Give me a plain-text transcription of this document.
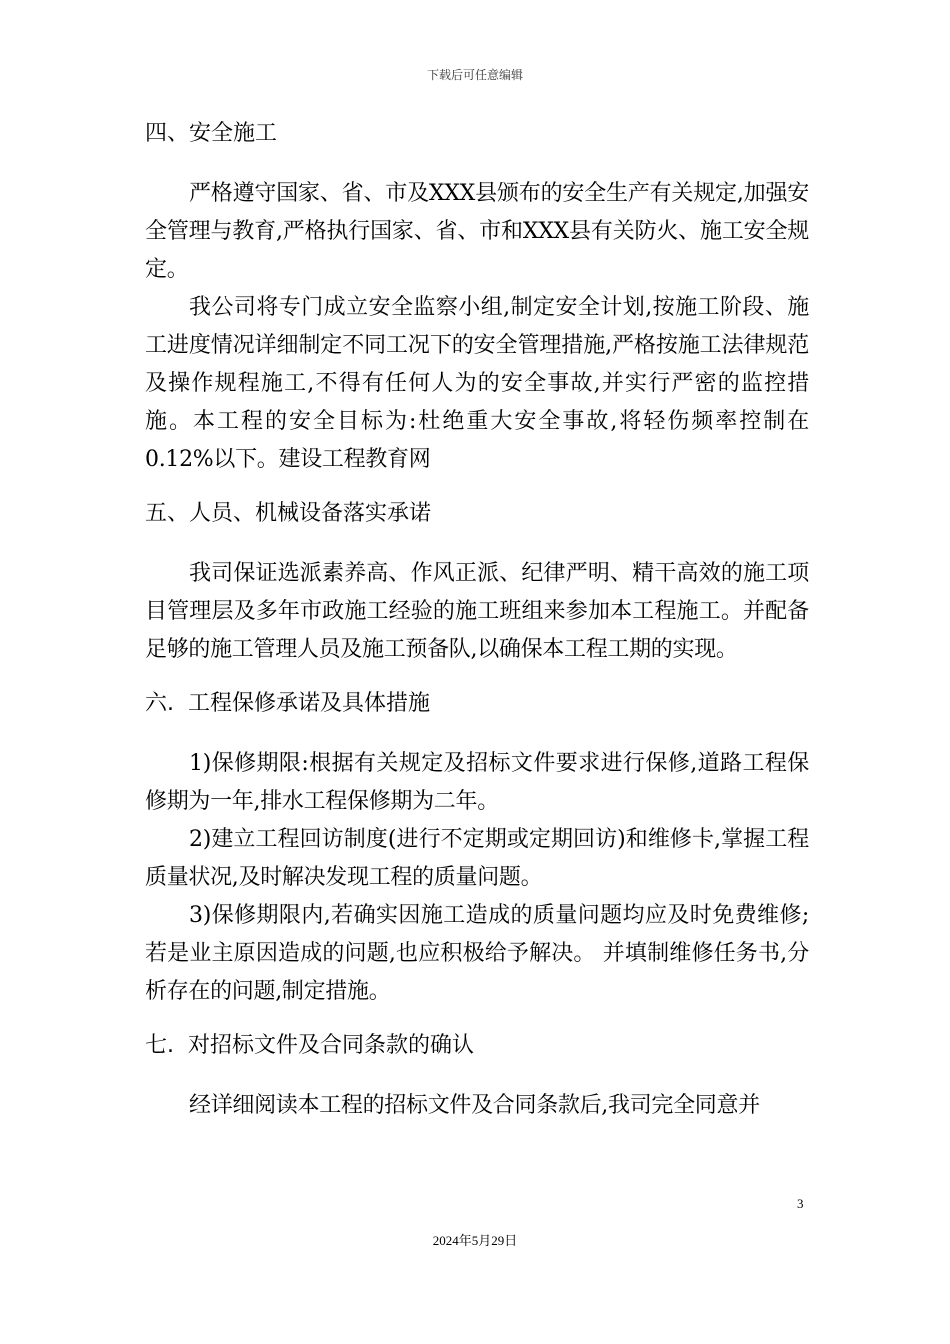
下载后可任意编辑
四、安全施工

严格遵守国家、省、市及XXX县颁布的安全生产有关规定,加强安全管理与教育,严格执行国家、省、市和XXX县有关防火、施工安全规定。

我公司将专门成立安全监察小组,制定安全计划,按施工阶段、施工进度情况详细制定不同工况下的安全管理措施,严格按施工法律规范及操作规程施工,不得有任何人为的安全事故,并实行严密的监控措施。本工程的安全目标为:杜绝重大安全事故,将轻伤频率控制在0.12%以下。建设工程教育网

五、人员、机械设备落实承诺

我司保证选派素养高、作风正派、纪律严明、精干高效的施工项目管理层及多年市政施工经验的施工班组来参加本工程施工。并配备足够的施工管理人员及施工预备队,以确保本工程工期的实现。

六.  工程保修承诺及具体措施

1)保修期限:根据有关规定及招标文件要求进行保修,道路工程保修期为一年,排水工程保修期为二年。

2)建立工程回访制度(进行不定期或定期回访)和维修卡,掌握工程质量状况,及时解决发现工程的质量问题。

3)保修期限内,若确实因施工造成的质量问题均应及时免费维修;若是业主原因造成的问题,也应积极给予解决。 并填制维修任务书,分析存在的问题,制定措施。

七.  对招标文件及合同条款的确认

经详细阅读本工程的招标文件及合同条款后,我司完全同意并

3
2024年5月29日
